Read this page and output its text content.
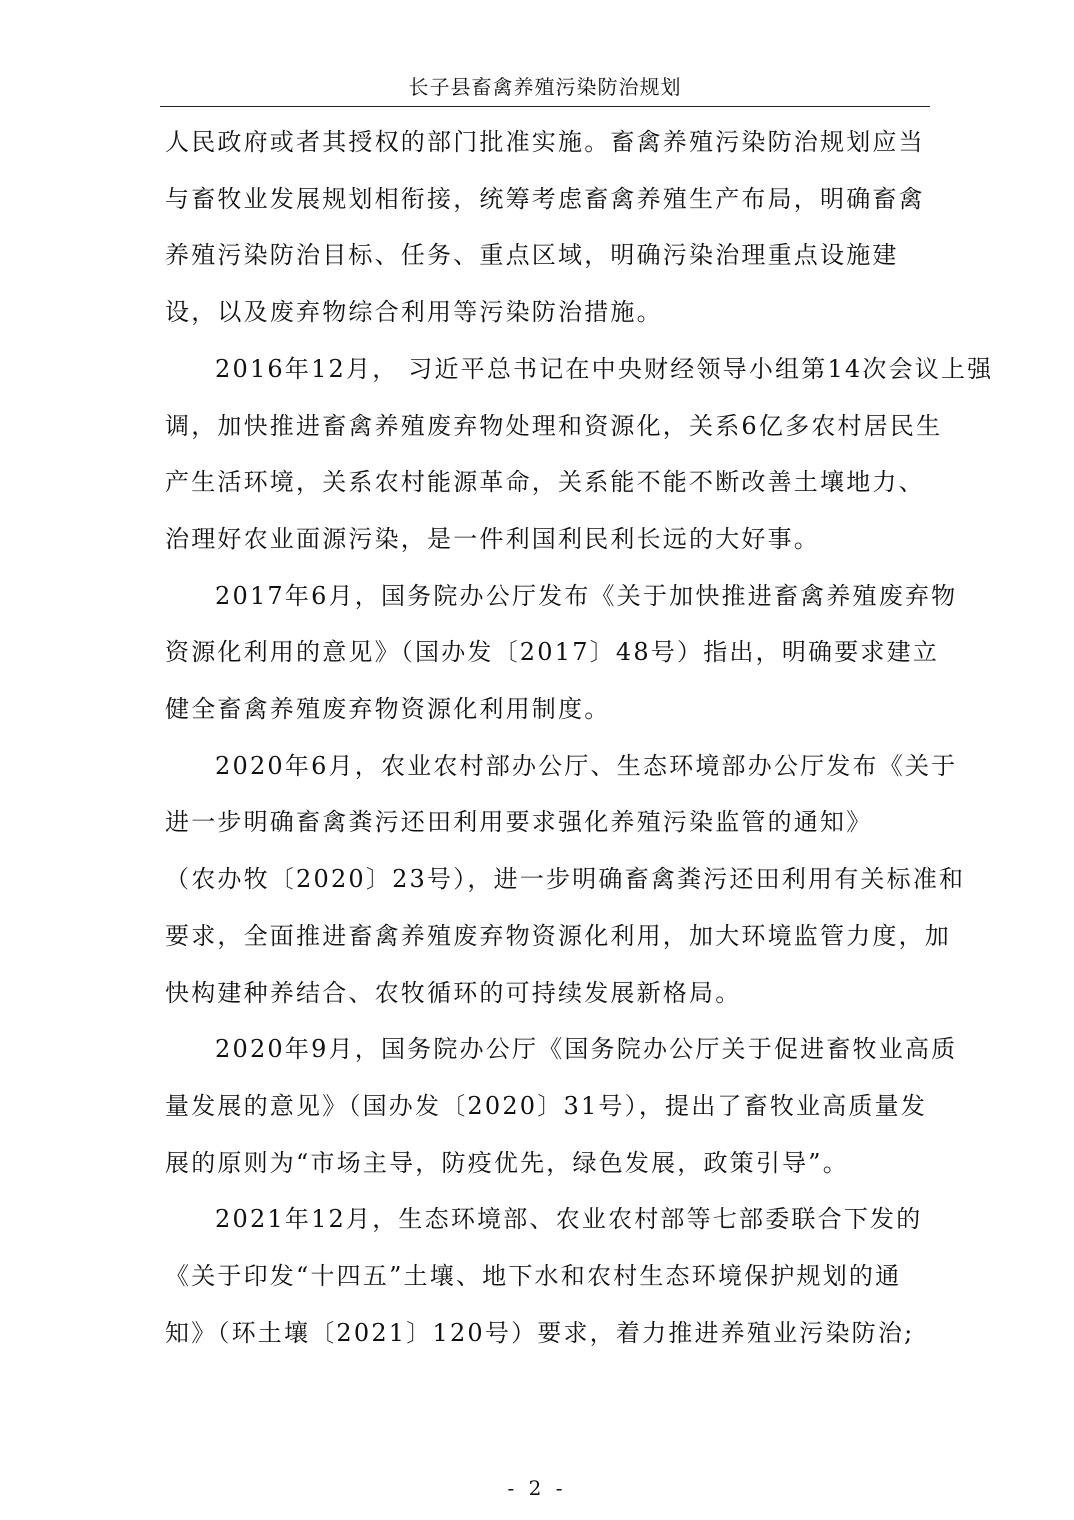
长子县畜禽养殖污染防治规划

人民政府或者其授权的部门批准实施。畜禽养殖污染防治规划应当
与畜牧业发展规划相衔接，统筹考虑畜禽养殖生产布局，明确畜禽
养殖污染防治目标、任务、重点区域，明确污染治理重点设施建
设，以及废弃物综合利用等污染防治措施。

2016年12月， 习近平总书记在中央财经领导小组第14次会议上强
调，加快推进畜禽养殖废弃物处理和资源化，关系6亿多农村居民生
产生活环境，关系农村能源革命，关系能不能不断改善土壤地力、
治理好农业面源污染，是一件利国利民利长远的大好事。

2017年6月，国务院办公厅发布《关于加快推进畜禽养殖废弃物
资源化利用的意见》（国办发〔2017〕48号）指出，明确要求建立
健全畜禽养殖废弃物资源化利用制度。

2020年6月，农业农村部办公厅、生态环境部办公厅发布《关于
进一步明确畜禽粪污还田利用要求强化养殖污染监管的通知》
（农办牧〔2020〕23号），进一步明确畜禽粪污还田利用有关标准和
要求，全面推进畜禽养殖废弃物资源化利用，加大环境监管力度，加
快构建种养结合、农牧循环的可持续发展新格局。

2020年9月，国务院办公厅《国务院办公厅关于促进畜牧业高质
量发展的意见》（国办发〔2020〕31号），提出了畜牧业高质量发
展的原则为“市场主导，防疫优先，绿色发展，政策引导”。

2021年12月，生态环境部、农业农村部等七部委联合下发的
《关于印发“十四五”土壤、地下水和农村生态环境保护规划的通
知》（环土壤〔2021〕120号）要求，着力推进养殖业污染防治;

- 2 -
